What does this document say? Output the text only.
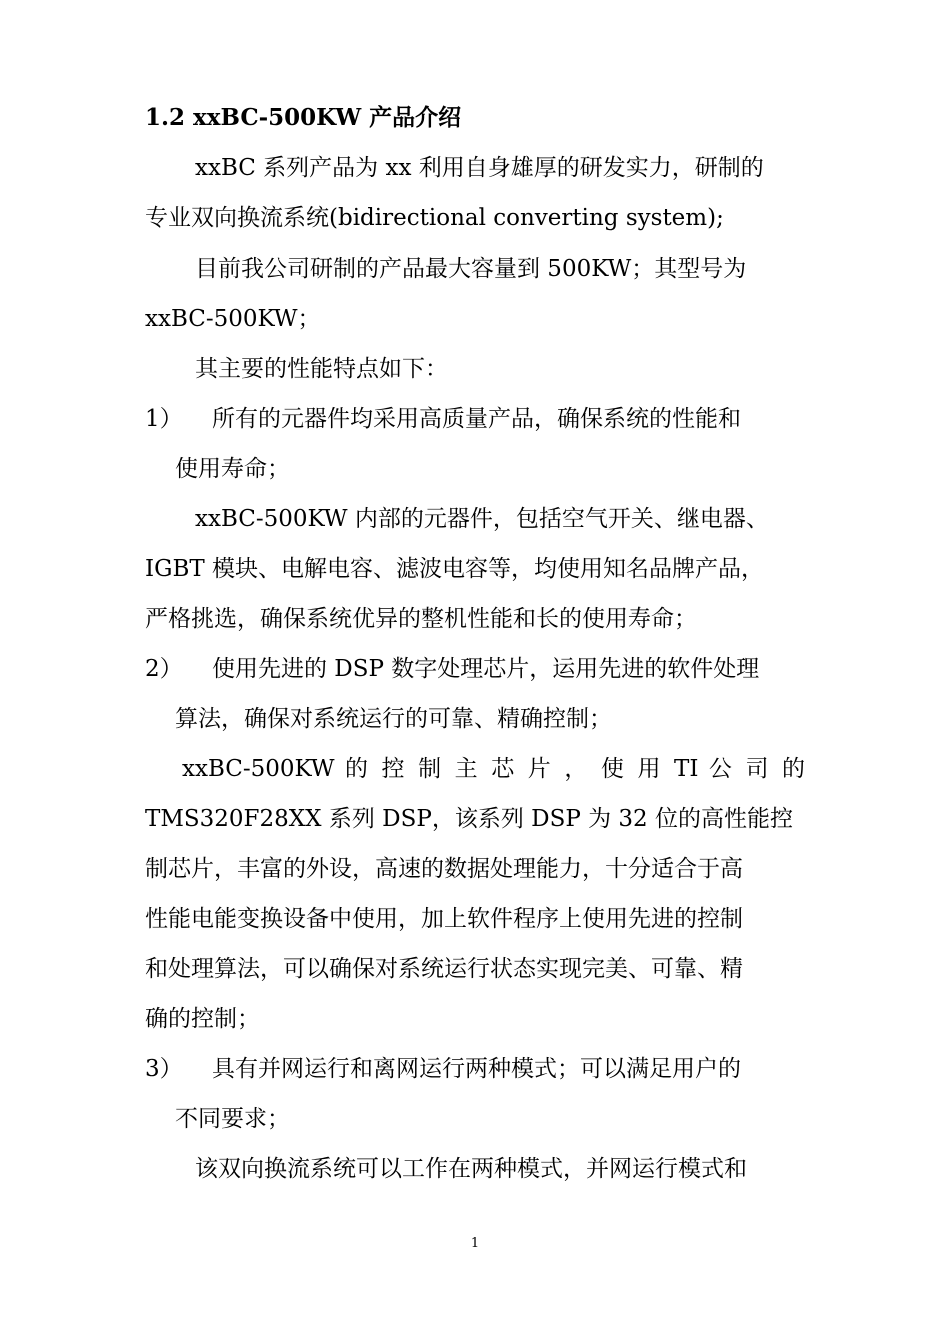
1.2 xxBC-500KW 产品介绍
xxBC 系列产品为 xx 利用自身雄厚的研发实力，研制的
专业双向换流系统(bidirectional converting system);
目前我公司研制的产品最大容量到 500KW；其型号为
xxBC-500KW；
其主要的性能特点如下：
1） 所有的元器件均采用高质量产品，确保系统的性能和
使用寿命；
xxBC-500KW 内部的元器件，包括空气开关、继电器、
IGBT 模块、电解电容、滤波电容等，均使用知名品牌产品，
严格挑选，确保系统优异的整机性能和长的使用寿命；
2） 使用先进的 DSP 数字处理芯片，运用先进的软件处理
算法，确保对系统运行的可靠、精确控制；
xxBC-500KW 的 控 制 主 芯 片 ， 使 用 TI 公 司 的
TMS320F28XX 系列 DSP，该系列 DSP 为 32 位的高性能控
制芯片，丰富的外设，高速的数据处理能力，十分适合于高
性能电能变换设备中使用，加上软件程序上使用先进的控制
和处理算法，可以确保对系统运行状态实现完美、可靠、精
确的控制；
3） 具有并网运行和离网运行两种模式；可以满足用户的
不同要求；
该双向换流系统可以工作在两种模式，并网运行模式和
1
